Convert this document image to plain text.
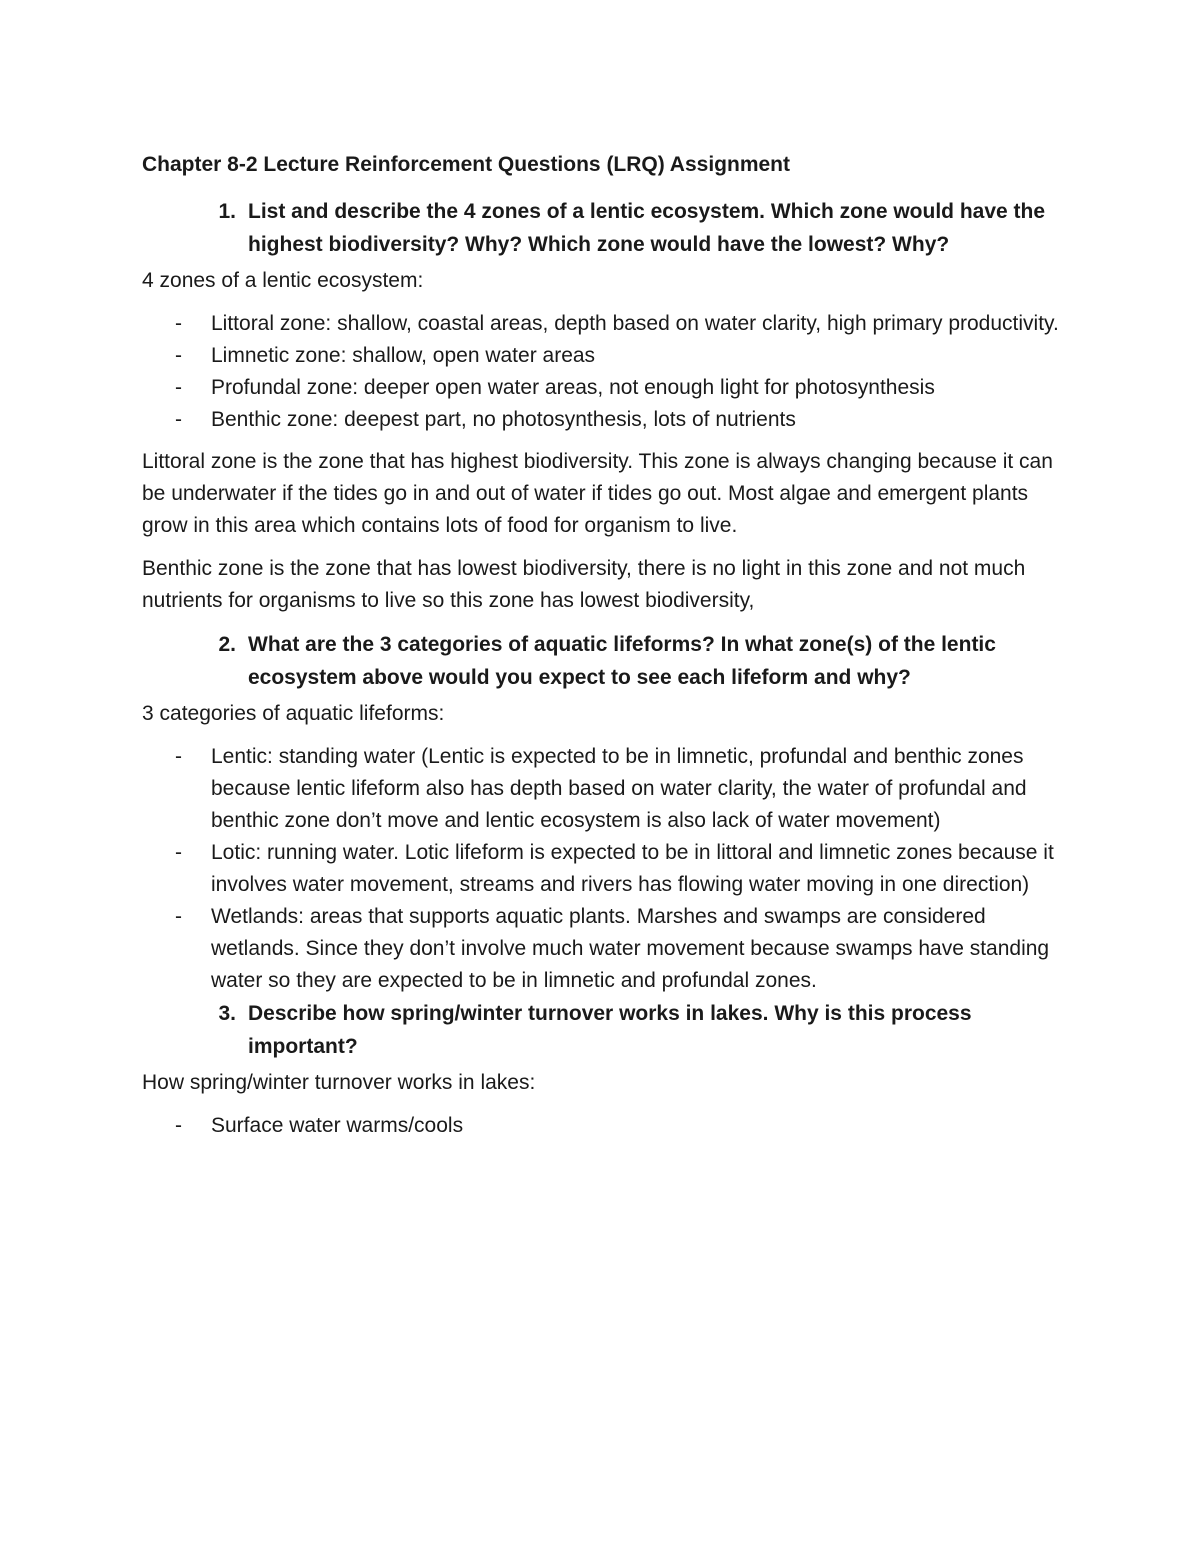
Chapter 8-2 Lecture Reinforcement Questions (LRQ) Assignment
1. List and describe the 4 zones of a lentic ecosystem. Which zone would have the highest biodiversity? Why? Which zone would have the lowest? Why?
4 zones of a lentic ecosystem:
-	Littoral zone: shallow, coastal areas, depth based on water clarity, high primary productivity.
-	Limnetic zone: shallow, open water areas
-	Profundal zone: deeper open water areas, not enough light for photosynthesis
-	Benthic zone: deepest part, no photosynthesis, lots of nutrients
Littoral zone is the zone that has highest biodiversity. This zone is always changing because it can be underwater if the tides go in and out of water if tides go out. Most algae and emergent plants grow in this area which contains lots of food for organism to live.
Benthic zone is the zone that has lowest biodiversity, there is no light in this zone and not much nutrients for organisms to live so this zone has lowest biodiversity,
2. What are the 3 categories of aquatic lifeforms? In what zone(s) of the lentic ecosystem above would you expect to see each lifeform and why?
3 categories of aquatic lifeforms:
-	Lentic: standing water (Lentic is expected to be in limnetic, profundal and benthic zones because lentic lifeform also has depth based on water clarity, the water of profundal and benthic zone don’t move and lentic ecosystem is also lack of water movement)
-	Lotic: running water. Lotic lifeform is expected to be in littoral and limnetic zones because it involves water movement, streams and rivers has flowing water moving in one direction)
-	Wetlands: areas that supports aquatic plants. Marshes and swamps are considered wetlands. Since they don’t involve much water movement because swamps have standing water so they are expected to be in limnetic and profundal zones.
3. Describe how spring/winter turnover works in lakes. Why is this process important?
How spring/winter turnover works in lakes:
-	Surface water warms/cools
